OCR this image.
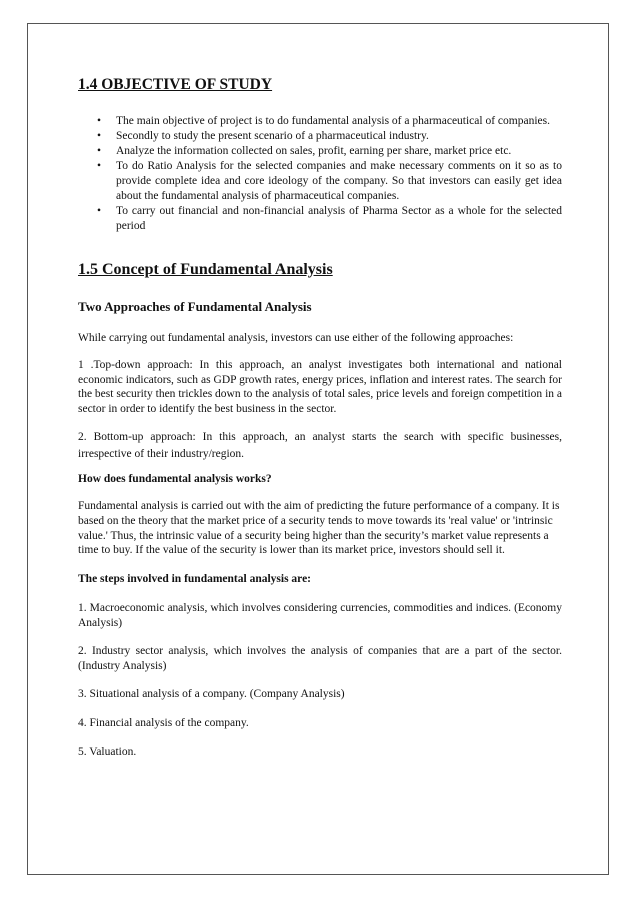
1.4 OBJECTIVE OF STUDY
• The main objective of project is to do fundamental analysis of a pharmaceutical of companies.
• Secondly to study the present scenario of a pharmaceutical industry.
• Analyze the information collected on sales, profit, earning per share, market price etc.
• To do Ratio Analysis for the selected companies and make necessary comments on it so as to provide complete idea and core ideology of the company. So that investors can easily get idea about the fundamental analysis of pharmaceutical companies.
• To carry out financial and non-financial analysis of Pharma Sector as a whole for the selected period
1.5 Concept of Fundamental Analysis
Two Approaches of Fundamental Analysis

While carrying out fundamental analysis, investors can use either of the following approaches:

1 .Top-down approach: In this approach, an analyst investigates both international and national economic indicators, such as GDP growth rates, energy prices, inflation and interest rates. The search for the best security then trickles down to the analysis of total sales, price levels and foreign competition in a sector in order to identify the best business in the sector.

2. Bottom-up approach: In this approach, an analyst starts the search with specific businesses, irrespective of their industry/region.

How does fundamental analysis works?

Fundamental analysis is carried out with the aim of predicting the future performance of a company. It is based on the theory that the market price of a security tends to move towards its 'real value' or 'intrinsic value.' Thus, the intrinsic value of a security being higher than the security’s market value represents a time to buy. If the value of the security is lower than its market price, investors should sell it.

The steps involved in fundamental analysis are:

1. Macroeconomic analysis, which involves considering currencies, commodities and indices. (Economy Analysis)

2. Industry sector analysis, which involves the analysis of companies that are a part of the sector. (Industry Analysis)

3. Situational analysis of a company. (Company Analysis)

4. Financial analysis of the company.

5. Valuation.
